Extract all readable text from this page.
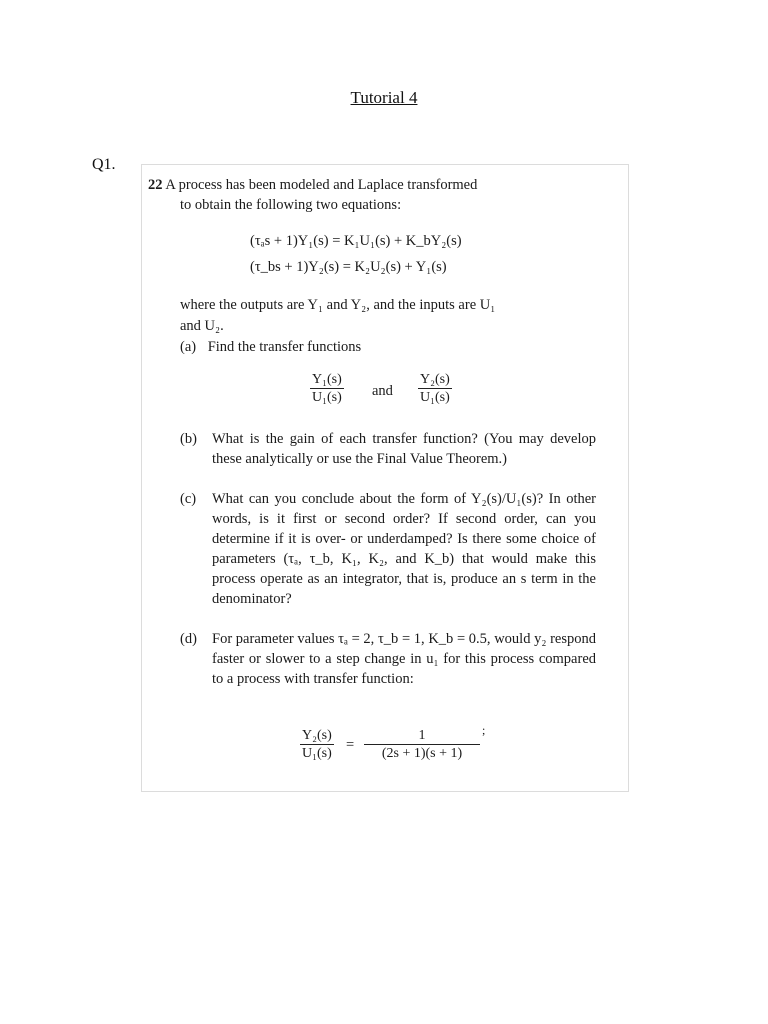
Tutorial 4
Q1.
22 A process has been modeled and Laplace transformed
to obtain the following two equations:
(τₐs + 1)Y₁(s) = K₁U₁(s) + K_bY₂(s)
(τ_bs + 1)Y₂(s) = K₂U₂(s) + Y₁(s)
where the outputs are Y₁ and Y₂, and the inputs are U₁
and U₂.
(a) Find the transfer functions
$\frac{\text{Y₁(s)}}{\text{U₁(s)}}$ and $\frac{\text{Y₂(s)}}{\text{U₁(s)}}$
(b) What is the gain of each transfer function? (You may develop these analytically or use the Final Value Theorem.)
(c) What can you conclude about the form of Y₂(s)/U₁(s)? In other words, is it first or second order? If second order, can you determine if it is over- or underdamped? Is there some choice of parameters (τₐ, τ_b, K₁, K₂, and K_b) that would make this process operate as an integrator, that is, produce an s term in the denominator?
(d) For parameter values τₐ = 2, τ_b = 1, K_b = 0.5, would y₂ respond faster or slower to a step change in u₁ for this process compared to a process with transfer function:
$\frac{\text{Y₂(s)}}{\text{U₁(s)}} = \frac{1}{(2s + 1)(s + 1)}$ ;
